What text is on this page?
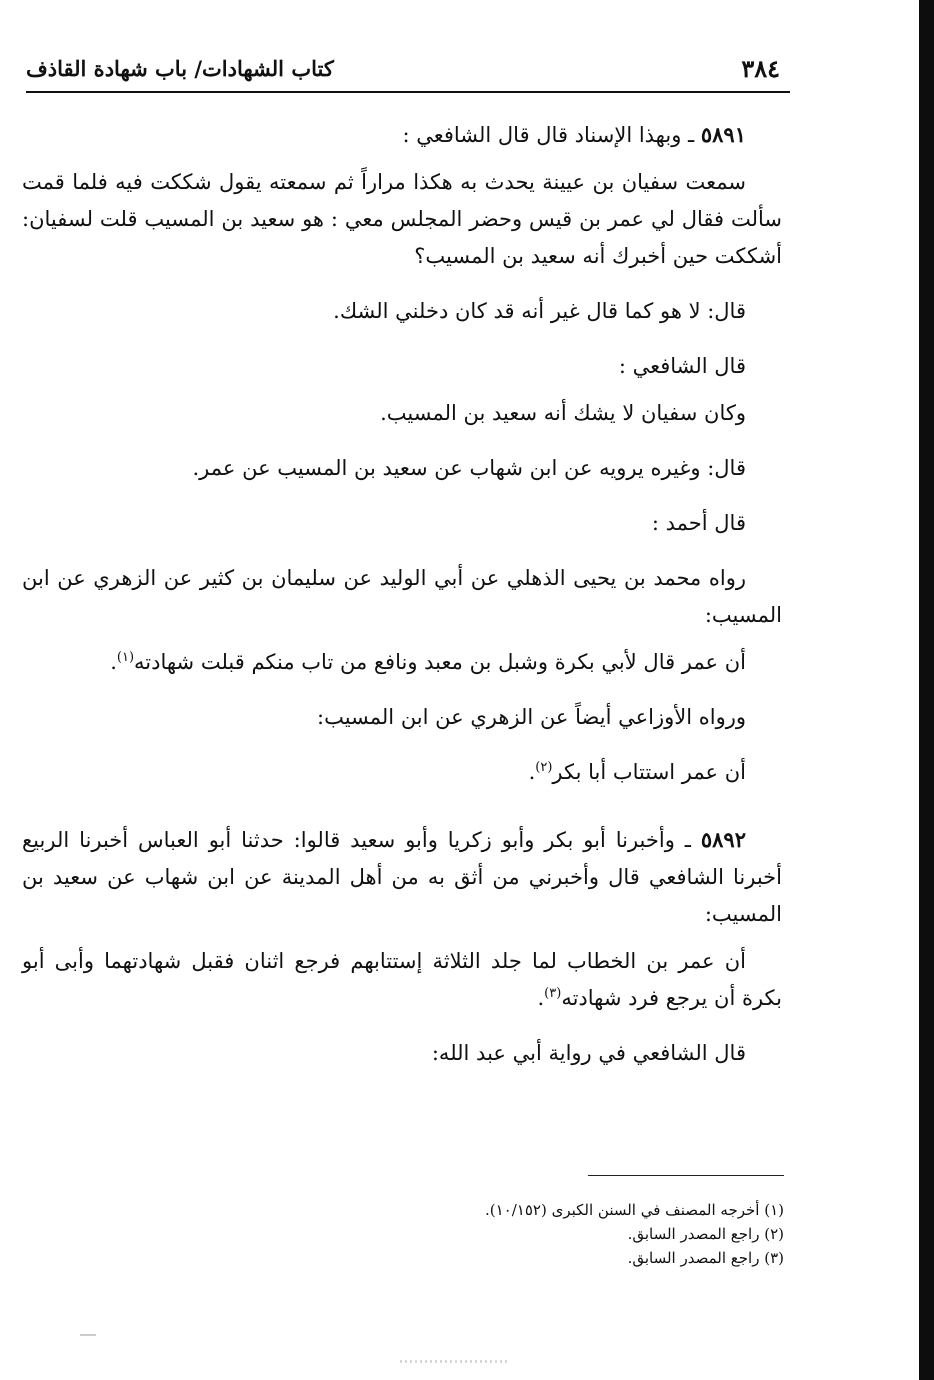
٣٨٤
كتاب الشهادات/ باب شهادة القاذف

٥٨٩١ ـ وبهذا الإسناد قال قال الشافعي :

سمعت سفيان بن عيينة يحدث به هكذا مراراً ثم سمعته يقول شككت فيه فلما قمت سألت فقال لي عمر بن قيس وحضر المجلس معي : هو سعيد بن المسيب قلت لسفيان: أشككت حين أخبرك أنه سعيد بن المسيب؟

قال: لا هو كما قال غير أنه قد كان دخلني الشك.

قال الشافعي :

وكان سفيان لا يشك أنه سعيد بن المسيب.

قال: وغيره يرويه عن ابن شهاب عن سعيد بن المسيب عن عمر.

قال أحمد :

رواه محمد بن يحيى الذهلي عن أبي الوليد عن سليمان بن كثير عن الزهري عن ابن المسيب:

أن عمر قال لأبي بكرة وشبل بن معبد ونافع من تاب منكم قبلت شهادته$^{(١)}$.

ورواه الأوزاعي أيضاً عن الزهري عن ابن المسيب:

أن عمر استتاب أبا بكر$^{(٢)}$.

٥٨٩٢ ـ وأخبرنا أبو بكر وأبو زكريا وأبو سعيد قالوا: حدثنا أبو العباس أخبرنا الربيع أخبرنا الشافعي قال وأخبرني من أثق به من أهل المدينة عن ابن شهاب عن سعيد بن المسيب:

أن عمر بن الخطاب لما جلد الثلاثة إستتابهم فرجع اثنان فقبل شهادتهما وأبى أبو بكرة أن يرجع فرد شهادته$^{(٣)}$.

قال الشافعي في رواية أبي عبد الله:

(١) أخرجه المصنف في السنن الكبرى (١٠/١٥٢).

(٢) راجع المصدر السابق.

(٣) راجع المصدر السابق.
